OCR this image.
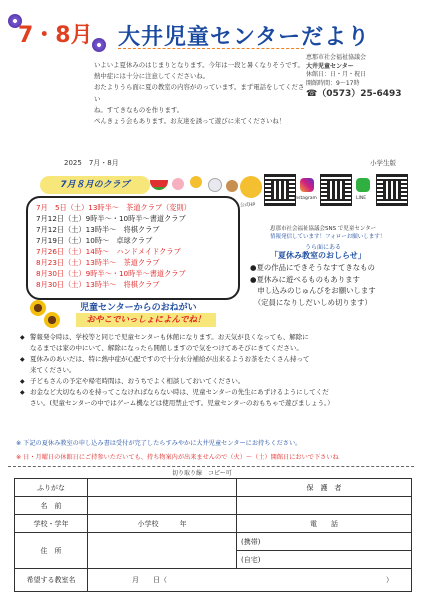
7・8月 大井児童センターだより
恵那市社会福祉協議会
大井児童センター
休館日：日・月・祝日
開館時間：9～17時
☎（0573）25-6493
いよいよ夏休みのはじまりとなります。今年は一段と暑くなりそうです。
熱中症には十分に注意してくださいね。
おたよりうら面に夏の教室の内容がのっています。まず電話をしてください
ね。すてきなものを作ります。
ぺんきょう会もあります。お友達を誘って遊びに来てくださいね！
2025　7月・8月	小学生版
7月８月のクラブ
7月　5日（土）13時半～　茶道クラブ（変則）
7月12日（土）9時半～・10時半～書道クラブ
7月12日（土）13時半～　将棋クラブ
7月19日（土）10時～　卓球クラブ
7月26日（土）14時～　ハンドメイドクラブ
8月23日（土）13時半～　茶道クラブ
8月30日（土）9時半～・10時半～書道クラブ
8月30日（土）13時半～　将棋クラブ
公式HP
Instagram	LINE
恵那市社会福祉協議会SNS で児童センター
情報発信しています！フォローお願いします！
うら面にある
「夏休み教室のおしらせ」
●夏の作品にできそうなすてきなもの
●夏休みに遊べるものもあります
　申し込みのじゅんびをお願いします
　（定員になりしだいしめ切ります）
児童センターからのおねがい
おやこでいっしょによんでね！
◆ 警報発令時は、学校等と同じで児童センターも休館になります。お天気が良くなっても、解除に
なるまでは家の中にいて、解除になったら開館しますので気をつけてあそびにきてください。
◆ 夏休みのあいだは、特に熱中症が心配ですので十分水分補給が出来るようお茶をたくさん持って
来てください。
◆ 子どもさんの予定や帰宅時間は、おうちでよく相談しておいてください。
◆ お金など大切なものを持ってこなければならない時は、児童センターの先生にあずけるようにしてくだ
さい。(児童センターの中ではゲーム機などは使用禁止です。児童センターのおもちゃで遊びましょう。）
※ 下記の夏休み教室の申し込み書は受付が完了したらすみやかに大井児童センターにお持ちください。
※ 日・月曜日の休館日にご持参いただいても、持ち物案内が出来ませんので（火）～（土）開館日においで下さいね
切り取り線　コピー可
ふりがな		保　護　者
名　前		
学校・学年	小学校　　　年	電　　話
住　所		(携帯)
		(自宅)
希望する教室名	月　　日（ ）	
